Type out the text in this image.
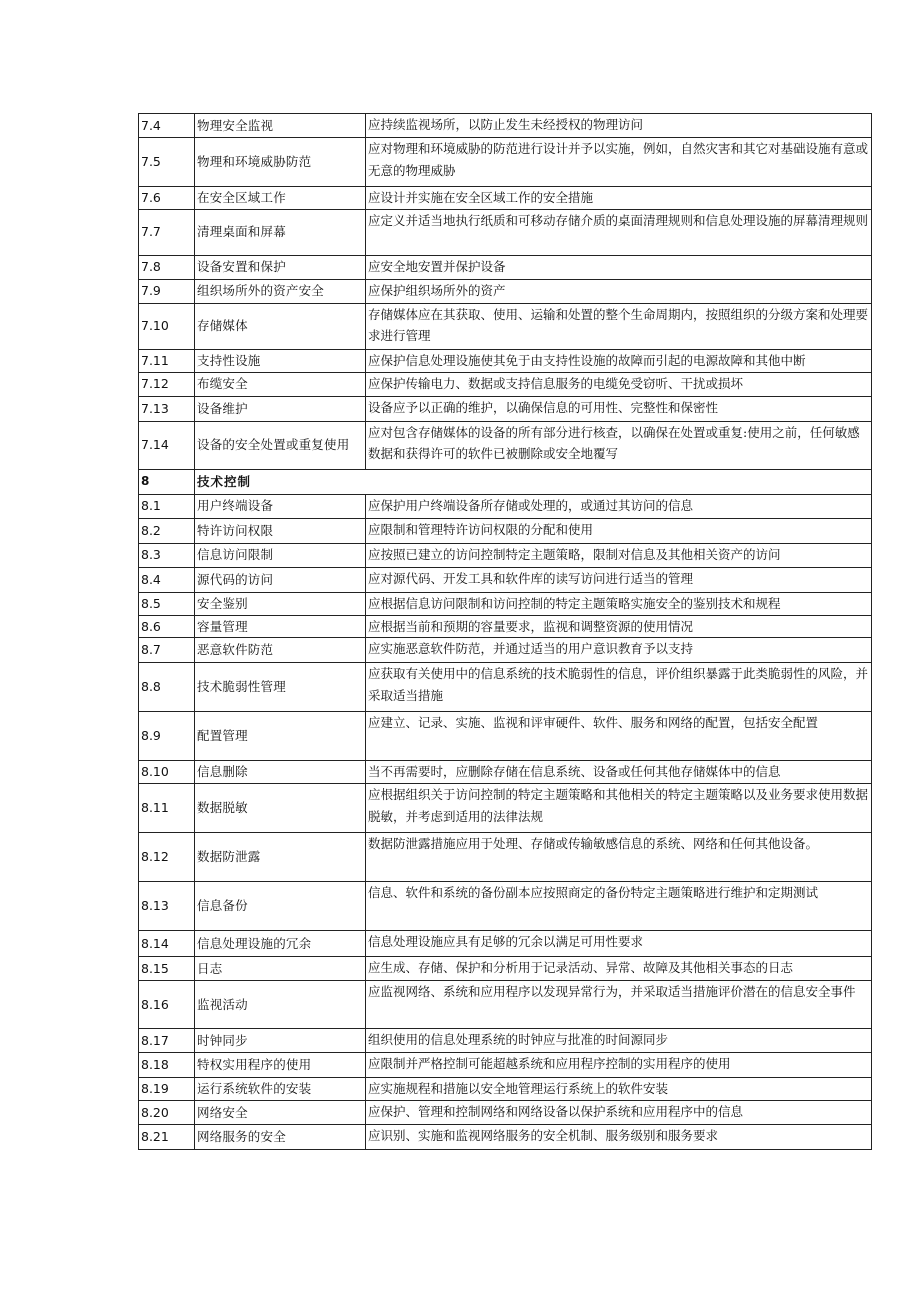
7.4	物理安全监视	应持续监视场所，以防止发生未经授权的物理访问
7.5	物理和环境威胁防范	应对物理和环境威胁的防范进行设计并予以实施，例如，自然灾害和其它对基础设施有意或无意的物理威胁
7.6	在安全区域工作	应设计并实施在安全区域工作的安全措施
7.7	清理桌面和屏幕	应定义并适当地执行纸质和可移动存储介质的桌面清理规则和信息处理设施的屏幕清理规则
7.8	设备安置和保护	应安全地安置并保护设备
7.9	组织场所外的资产安全	应保护组织场所外的资产
7.10	存储媒体	存储媒体应在其获取、使用、运输和处置的整个生命周期内，按照组织的分级方案和处理要求进行管理
7.11	支持性设施	应保护信息处理设施使其免于由支持性设施的故障而引起的电源故障和其他中断
7.12	布缆安全	应保护传输电力、数据或支持信息服务的电缆免受窃听、干扰或损坏
7.13	设备维护	设备应予以正确的维护，以确保信息的可用性、完整性和保密性
7.14	设备的安全处置或重复使用	应对包含存储媒体的设备的所有部分进行核查，以确保在处置或重复:使用之前，任何敏感数据和获得许可的软件已被删除或安全地覆写
8	技术控制	
8.1	用户终端设备	应保护用户终端设备所存储或处理的，或通过其访问的信息
8.2	特许访问权限	应限制和管理特许访问权限的分配和使用
8.3	信息访问限制	应按照已建立的访问控制特定主题策略，限制对信息及其他相关资产的访问
8.4	源代码的访问	应对源代码、开发工具和软件库的读写访问进行适当的管理
8.5	安全鉴别	应根据信息访问限制和访问控制的特定主题策略实施安全的鉴别技术和规程
8.6	容量管理	应根据当前和预期的容量要求，监视和调整资源的使用情况
8.7	恶意软件防范	应实施恶意软件防范，并通过适当的用户意识教育予以支持
8.8	技术脆弱性管理	应获取有关使用中的信息系统的技术脆弱性的信息，评价组织暴露于此类脆弱性的风险，并采取适当措施
8.9	配置管理	应建立、记录、实施、监视和评审硬件、软件、服务和网络的配置，包括安全配置
8.10	信息删除	当不再需要时，应删除存储在信息系统、设备或任何其他存储媒体中的信息
8.11	数据脱敏	应根据组织关于访问控制的特定主题策略和其他相关的特定主题策略以及业务要求使用数据脱敏，并考虑到适用的法律法规
8.12	数据防泄露	数据防泄露措施应用于处理、存储或传输敏感信息的系统、网络和任何其他设备。
8.13	信息备份	信息、软件和系统的备份副本应按照商定的备份特定主题策略进行维护和定期测试
8.14	信息处理设施的冗余	信息处理设施应具有足够的冗余以满足可用性要求
8.15	日志	应生成、存储、保护和分析用于记录活动、异常、故障及其他相关事态的日志
8.16	监视活动	应监视网络、系统和应用程序以发现异常行为，并采取适当措施评价潜在的信息安全事件
8.17	时钟同步	组织使用的信息处理系统的时钟应与批准的时间源同步
8.18	特权实用程序的使用	应限制并严格控制可能超越系统和应用程序控制的实用程序的使用
8.19	运行系统软件的安装	应实施规程和措施以安全地管理运行系统上的软件安装
8.20	网络安全	应保护、管理和控制网络和网络设备以保护系统和应用程序中的信息
8.21	网络服务的安全	应识别、实施和监视网络服务的安全机制、服务级别和服务要求
